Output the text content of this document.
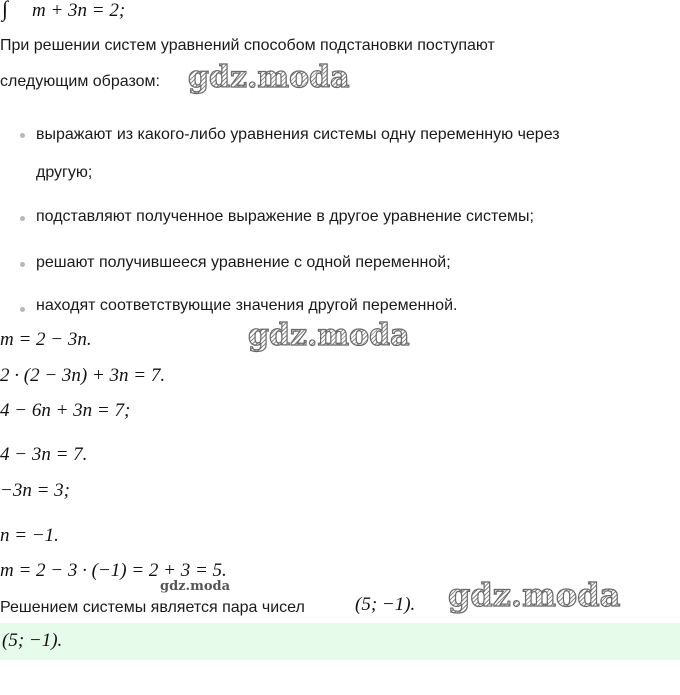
∫ m + 3n = 2;
При решении систем уравнений способом подстановки поступают
следующим образом: gdz.moda
выражают из какого-либо уравнения системы одну переменную через
другую;
подставляют полученное выражение в другое уравнение системы;
решают получившееся уравнение с одной переменной;
находят соответствующие значения другой переменной.
m = 2 − 3n.	gdz.moda
2 · (2 − 3n) + 3n = 7.
4 − 6n + 3n = 7;
4 − 3n = 7.
−3n = 3;
n = −1.
m = 2 − 3 · (−1) = 2 + 3 = 5.
gdz.moda
Решением системы является пара чисел	(5; −1). gdz.moda
(5; −1).
